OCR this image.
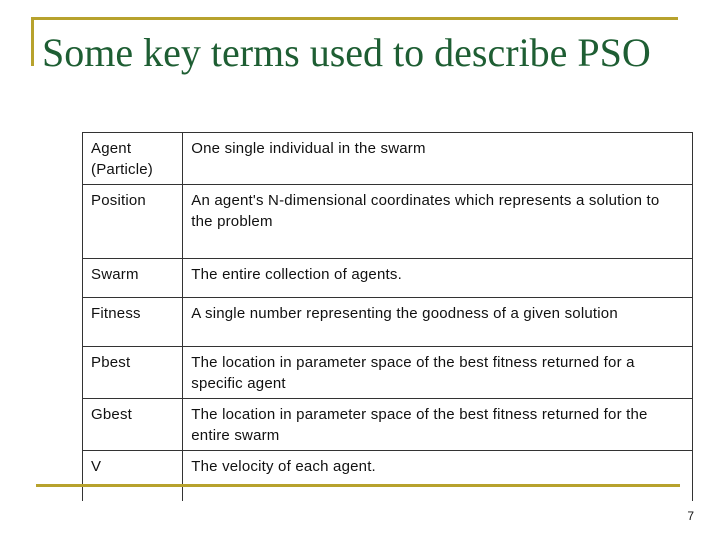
Some key terms used to describe PSO
Agent (Particle)	One single individual in the swarm
Position	An agent's N-dimensional coordinates which represents a solution to the problem
Swarm	The entire collection of agents.
Fitness	A single number representing the goodness of a given solution
Pbest	The location in parameter space of the best fitness returned for a specific agent
Gbest	The location in parameter space of the best fitness returned for the entire swarm
V	The velocity of each agent.
7
